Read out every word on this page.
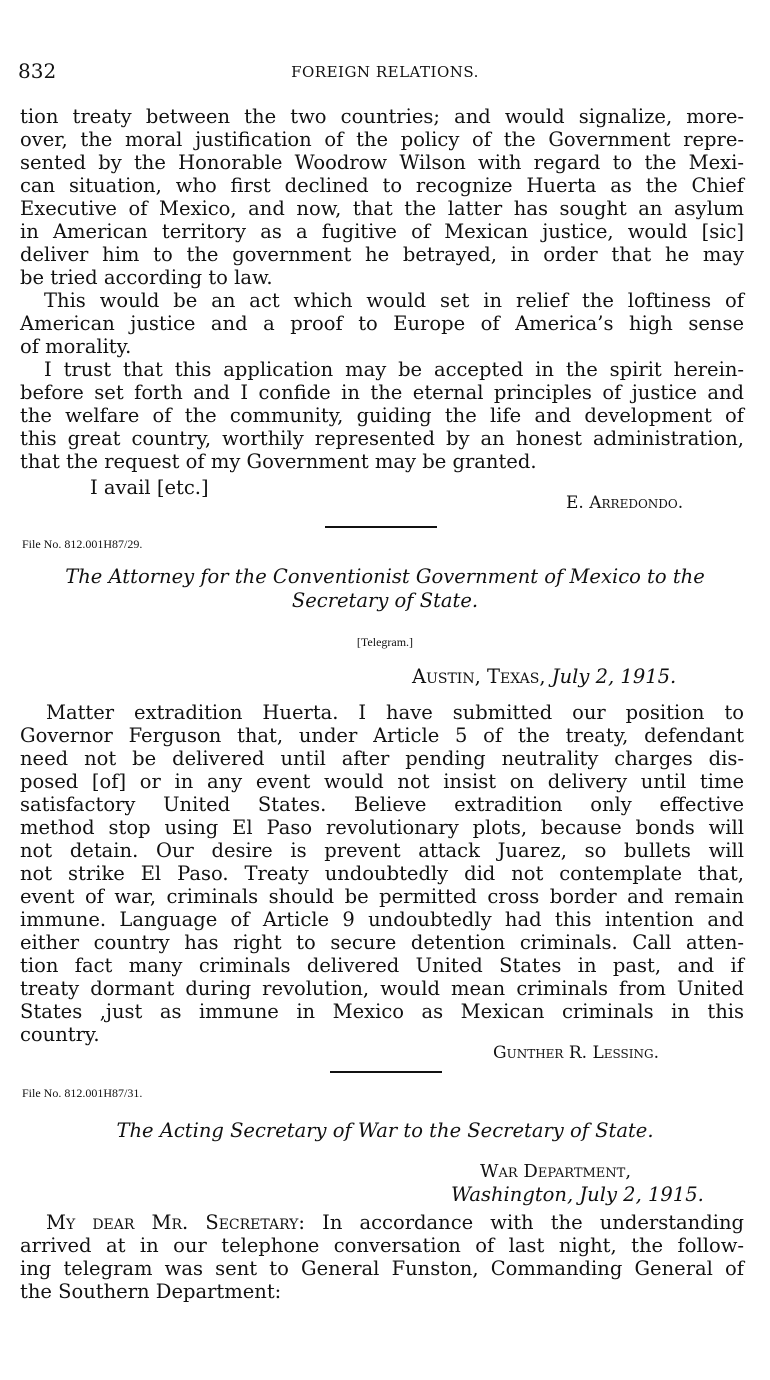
832	FOREIGN RELATIONS.
tion treaty between the two countries; and would signalize, more-
over, the moral justification of the policy of the Government repre-
sented by the Honorable Woodrow Wilson with regard to the Mexi-
can situation, who first declined to recognize Huerta as the Chief
Executive of Mexico, and now, that the latter has sought an asylum
in American territory as a fugitive of Mexican justice, would [sic]
deliver him to the government he betrayed, in order that he may
be tried according to law.
This would be an act which would set in relief the loftiness of
American justice and a proof to Europe of America’s high sense
of morality.
I trust that this application may be accepted in the spirit herein-
before set forth and I confide in the eternal principles of justice and
the welfare of the community, guiding the life and development of
this great country, worthily represented by an honest administration,
that the request of my Government may be granted.
I avail [etc.]
E. Arredondo.
File No. 812.001H87/29.
The Attorney for the Conventionist Government of Mexico to the
Secretary of State.
[Telegram.]
Austin, Texas, July 2, 1915.
Matter extradition Huerta. I have submitted our position to
Governor Ferguson that, under Article 5 of the treaty, defendant
need not be delivered until after pending neutrality charges dis-
posed [of] or in any event would not insist on delivery until time
satisfactory United States. Believe extradition only effective
method stop using El Paso revolutionary plots, because bonds will
not detain. Our desire is prevent attack Juarez, so bullets will
not strike El Paso. Treaty undoubtedly did not contemplate that,
event of war, criminals should be permitted cross border and remain
immune. Language of Article 9 undoubtedly had this intention and
either country has right to secure detention criminals. Call atten-
tion fact many criminals delivered United States in past, and if
treaty dormant during revolution, would mean criminals from United
States ,just as immune in Mexico as Mexican criminals in this
country.
Gunther R. Lessing.
File No. 812.001H87/31.
The Acting Secretary of War to the Secretary of State.
War Department,
Washington, July 2, 1915.
My dear Mr. Secretary: In accordance with the understanding
arrived at in our telephone conversation of last night, the follow-
ing telegram was sent to General Funston, Commanding General of
the Southern Department:
